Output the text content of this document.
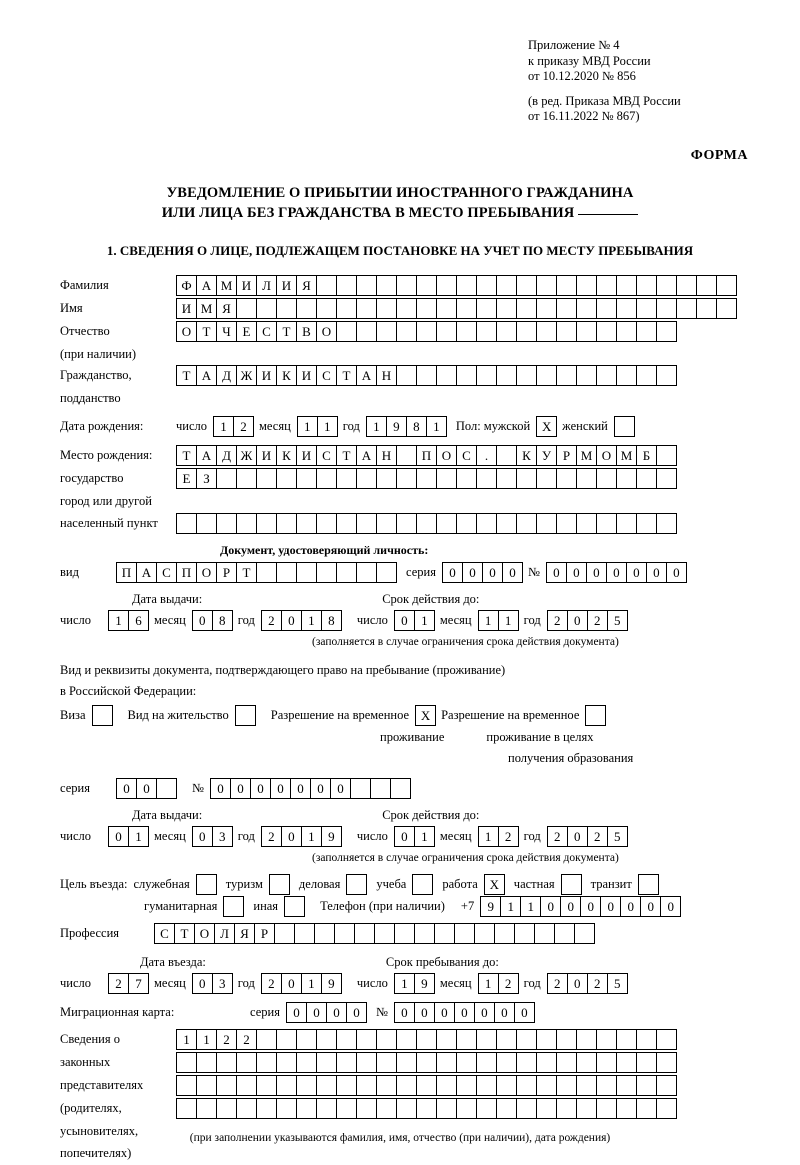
Приложение № 4
к приказу МВД России
от 10.12.2020 № 856
(в ред. Приказа МВД России
от 16.11.2022 № 867)
ФОРМА
УВЕДОМЛЕНИЕ О ПРИБЫТИИ ИНОСТРАННОГО ГРАЖДАНИНА
ИЛИ ЛИЦА БЕЗ ГРАЖДАНСТВА В МЕСТО ПРЕБЫВАНИЯ
1. СВЕДЕНИЯ О ЛИЦЕ, ПОДЛЕЖАЩЕМ ПОСТАНОВКЕ НА УЧЕТ ПО МЕСТУ ПРЕБЫВАНИЯ
Фамилия	Ф А М И Л И Я
Имя	И М Я
Отчество	О Т Ч Е С Т В О
(при наличии)
Гражданство,	Т А Д Ж И К И С Т А Н
подданство
Дата рождения:	число	1	2 месяц	1	1 год	1	9	8	1	Пол: мужской Х женский
Место рождения:	Т А Д Ж И К И С Т А Н	П О С	.	К У Р М О М Б
государство	Е З
город или другой
населенный пункт
Документ, удостоверяющий личность:
вид	П А С П О Р Т	серия	0	0	0	0 №	0	0	0	0	0	0	0
Дата выдачи:	Срок действия до:
число	1	6 месяц	0	8 год	2	0	1	8	число	0	1 месяц	1	1 год	2	0	2	5
(заполняется в случае ограничения срока действия документа)
Вид и реквизиты документа, подтверждающего право на пребывание (проживание)
в Российской Федерации:
Виза	Вид на жительство	Разрешение на временное Х Разрешение на временное
проживание	проживание в целях
получения образования
серия	0	0	№	0	0	0	0	0	0	0
Дата выдачи:	Срок действия до:
число	0	1 месяц	0	3 год	2	0	1	9	число	0	1 месяц	1	2 год	2	0	2	5
(заполняется в случае ограничения срока действия документа)
Цель въезда: служебная	туризм	деловая	учеба	работа Х	частная	транзит
гуманитарная	иная	Телефон (при наличии) +7	9	1	1	0	0	0	0	0	0	0
Профессия	С Т О Л Я Р
Дата въезда:	Срок пребывания до:
число	2	7 месяц	0	3 год	2	0	1	9	число	1	9 месяц	1	2 год	2	0	2	5
Миграционная карта:	серия	0	0	0	0	№	0	0	0	0	0	0	0
Сведения о	1	1	2	2
законных
представителях
(родителях,
усыновителях,
попечителях)
(при заполнении указываются фамилия, имя, отчество (при наличии), дата рождения)
